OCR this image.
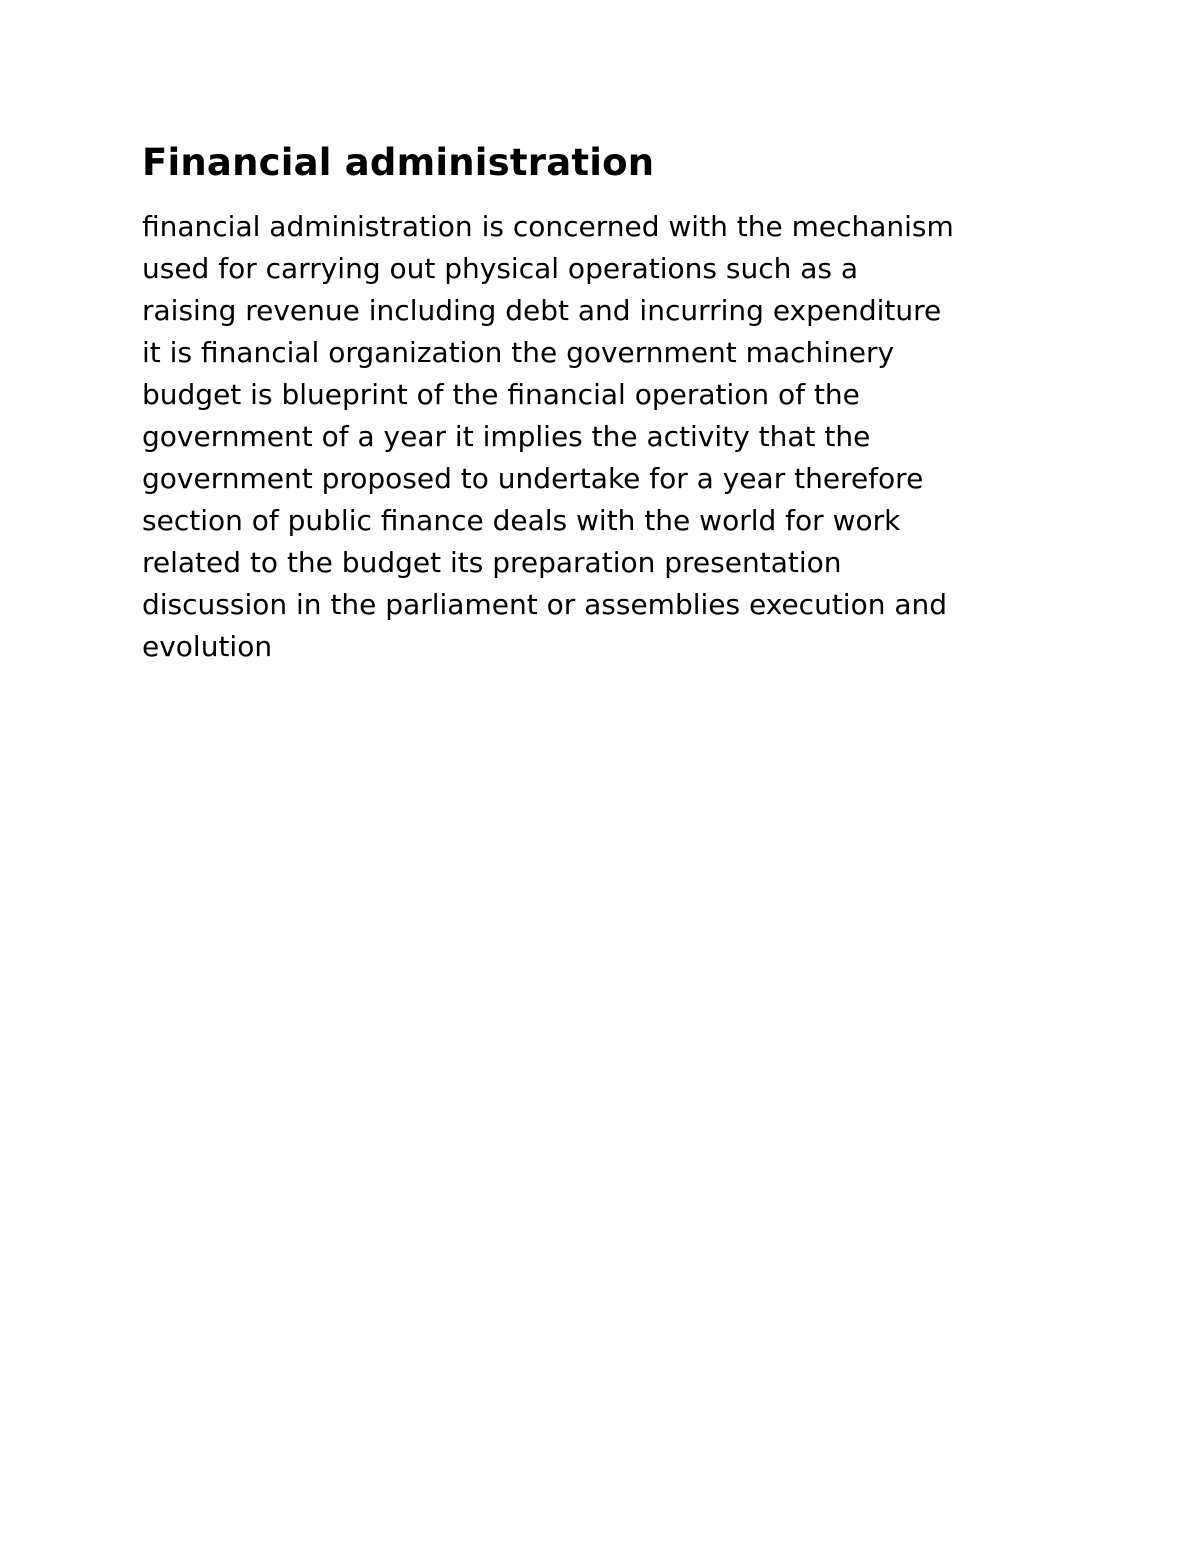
Financial administration

financial administration is concerned with the mechanism
used for carrying out physical operations such as a
raising revenue including debt and incurring expenditure
it is financial organization the government machinery
budget is blueprint of the financial operation of the
government of a year it implies the activity that the
government proposed to undertake for a year therefore
section of public finance deals with the world for work
related to the budget its preparation presentation
discussion in the parliament or assemblies execution and
evolution
